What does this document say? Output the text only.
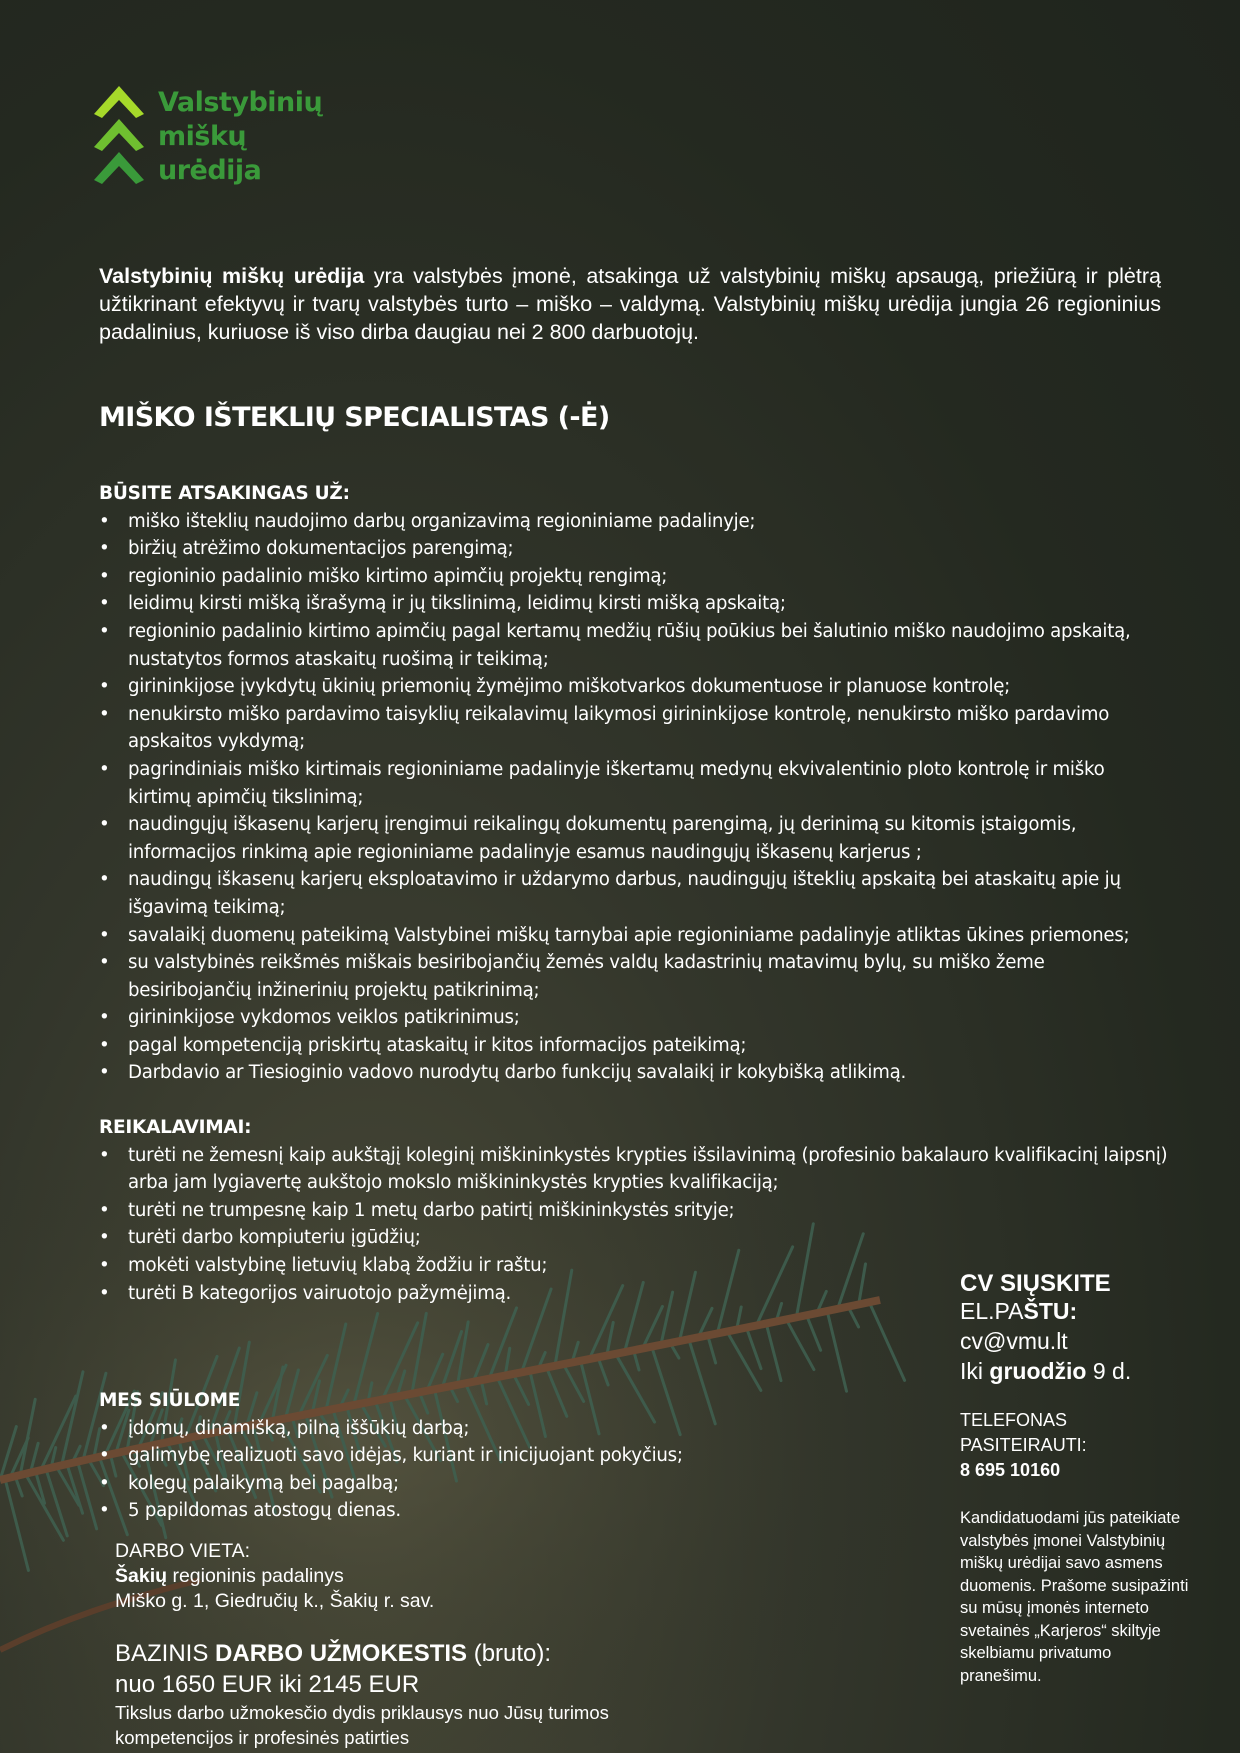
Valstybinių
miškų
urėdija
Valstybinių miškų urėdija yra valstybės įmonė, atsakinga už valstybinių miškų apsaugą, priežiūrą ir plėtrą užtikrinant efektyvų ir tvarų valstybės turto – miško – valdymą. Valstybinių miškų urėdija jungia 26 regioninius padalinius, kuriuose iš viso dirba daugiau nei 2 800 darbuotojų.
MIŠKO IŠTEKLIŲ SPECIALISTAS (-Ė)
BŪSITE ATSAKINGAS UŽ:
• miško išteklių naudojimo darbų organizavimą regioniniame padalinyje;
• biržių atrėžimo dokumentacijos parengimą;
• regioninio padalinio miško kirtimo apimčių projektų rengimą;
• leidimų kirsti mišką išrašymą ir jų tikslinimą, leidimų kirsti mišką apskaitą;
• regioninio padalinio kirtimo apimčių pagal kertamų medžių rūšių poūkius bei šalutinio miško naudojimo apskaitą, nustatytos formos ataskaitų ruošimą ir teikimą;
• girininkijose įvykdytų ūkinių priemonių žymėjimo miškotvarkos dokumentuose ir planuose kontrolę;
• nenukirsto miško pardavimo taisyklių reikalavimų laikymosi girininkijose kontrolę, nenukirsto miško pardavimo apskaitos vykdymą;
• pagrindiniais miško kirtimais regioniniame padalinyje iškertamų medynų ekvivalentinio ploto kontrolę ir miško kirtimų apimčių tikslinimą;
• naudingųjų iškasenų karjerų įrengimui reikalingų dokumentų parengimą, jų derinimą su kitomis įstaigomis, informacijos rinkimą apie regioniniame padalinyje esamus naudingųjų iškasenų karjerus ;
• naudingų iškasenų karjerų eksploatavimo ir uždarymo darbus, naudingųjų išteklių apskaitą bei ataskaitų apie jų išgavimą teikimą;
• savalaikį duomenų pateikimą Valstybinei miškų tarnybai apie regioniniame padalinyje atliktas ūkines priemones;
• su valstybinės reikšmės miškais besiribojančių žemės valdų kadastrinių matavimų bylų, su miško žeme besiribojančių inžinerinių projektų patikrinimą;
• girininkijose vykdomos veiklos patikrinimus;
• pagal kompetenciją priskirtų ataskaitų ir kitos informacijos pateikimą;
• Darbdavio ar Tiesioginio vadovo nurodytų darbo funkcijų savalaikį ir kokybišką atlikimą.
REIKALAVIMAI:
• turėti ne žemesnį kaip aukštąjį koleginį miškininkystės krypties išsilavinimą (profesinio bakalauro kvalifikacinį laipsnį) arba jam lygiavertę aukštojo mokslo miškininkystės krypties kvalifikaciją;
• turėti ne trumpesnę kaip 1 metų darbo patirtį miškininkystės srityje;
• turėti darbo kompiuteriu įgūdžių;
• mokėti valstybinę lietuvių klabą žodžiu ir raštu;
• turėti B kategorijos vairuotojo pažymėjimą.
MES SIŪLOME
• įdomų, dinamišką, pilną iššūkių darbą;
• galimybę realizuoti savo idėjas, kuriant ir inicijuojant pokyčius;
• kolegų palaikymą bei pagalbą;
• 5 papildomas atostogų dienas.
DARBO VIETA:
Šakių regioninis padalinys
Miško g. 1, Giedručių k., Šakių r. sav.
BAZINIS DARBO UŽMOKESTIS (bruto):
nuo 1650 EUR iki 2145 EUR
Tikslus darbo užmokesčio dydis priklausys nuo Jūsų turimos kompetencijos ir profesinės patirties
CV SIŲSKITE
EL.PAŠTU:
cv@vmu.lt
Iki gruodžio 9 d.
TELEFONAS PASITEIRAUTI:
8 695 10160
Kandidatuodami jūs pateikiate valstybės įmonei Valstybinių miškų urėdijai savo asmens duomenis. Prašome susipažinti su mūsų įmonės interneto svetainės „Karjeros“ skiltyje skelbiamu privatumo pranešimu.
